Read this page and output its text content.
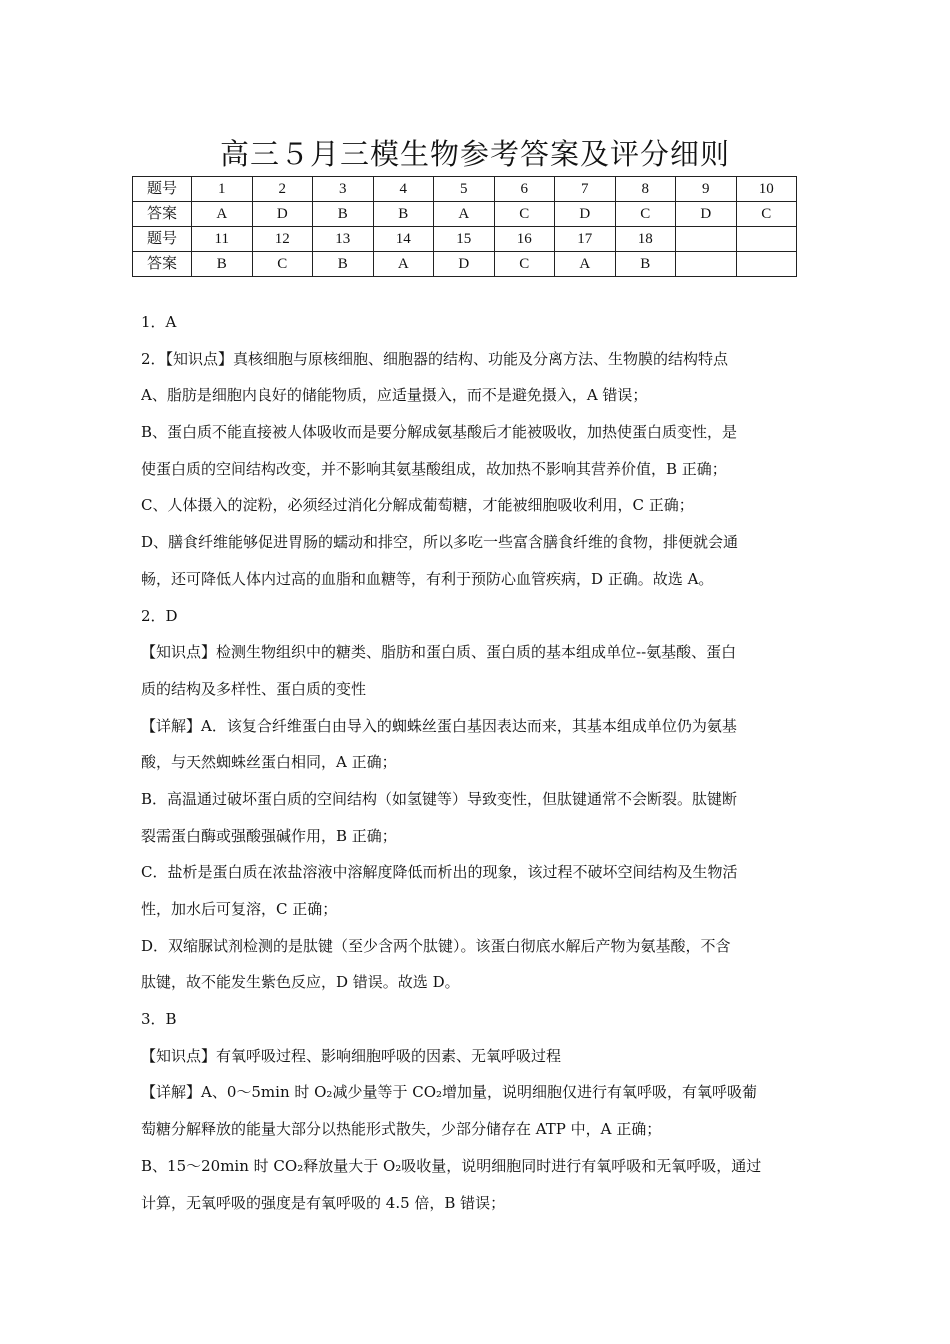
高三５月三模生物参考答案及评分细则
题号	1	2	3	4	5	6	7	8	9	10
答案	A	D	B	B	A	C	D	C	D	C
题号	11	12	13	14	15	16	17	18		
答案	B	C	B	A	D	C	A	B		
1．A
2．【知识点】真核细胞与原核细胞、细胞器的结构、功能及分离方法、生物膜的结构特点
A、脂肪是细胞内良好的储能物质，应适量摄入，而不是避免摄入，A 错误；
B、蛋白质不能直接被人体吸收而是要分解成氨基酸后才能被吸收，加热使蛋白质变性，是
使蛋白质的空间结构改变，并不影响其氨基酸组成，故加热不影响其营养价值，B 正确；
C、人体摄入的淀粉，必须经过消化分解成葡萄糖，才能被细胞吸收利用，C 正确；
D、膳食纤维能够促进胃肠的蠕动和排空，所以多吃一些富含膳食纤维的食物，排便就会通
畅，还可降低人体内过高的血脂和血糖等，有利于预防心血管疾病，D 正确。故选 A。
2．D
【知识点】检测生物组织中的糖类、脂肪和蛋白质、蛋白质的基本组成单位--氨基酸、蛋白
质的结构及多样性、蛋白质的变性
【详解】A．该复合纤维蛋白由导入的蜘蛛丝蛋白基因表达而来，其基本组成单位仍为氨基
酸，与天然蜘蛛丝蛋白相同，A 正确；
B．高温通过破坏蛋白质的空间结构（如氢键等）导致变性，但肽键通常不会断裂。肽键断
裂需蛋白酶或强酸强碱作用，B 正确；
C．盐析是蛋白质在浓盐溶液中溶解度降低而析出的现象，该过程不破坏空间结构及生物活
性，加水后可复溶，C 正确；
D．双缩脲试剂检测的是肽键（至少含两个肽键）。该蛋白彻底水解后产物为氨基酸，不含
肽键，故不能发生紫色反应，D 错误。故选 D。
3．B
【知识点】有氧呼吸过程、影响细胞呼吸的因素、无氧呼吸过程
【详解】A、0～5min 时 O₂减少量等于 CO₂增加量，说明细胞仅进行有氧呼吸，有氧呼吸葡
萄糖分解释放的能量大部分以热能形式散失，少部分储存在 ATP 中，A 正确；
B、15～20min 时 CO₂释放量大于 O₂吸收量，说明细胞同时进行有氧呼吸和无氧呼吸，通过
计算，无氧呼吸的强度是有氧呼吸的 4.5 倍，B 错误；
